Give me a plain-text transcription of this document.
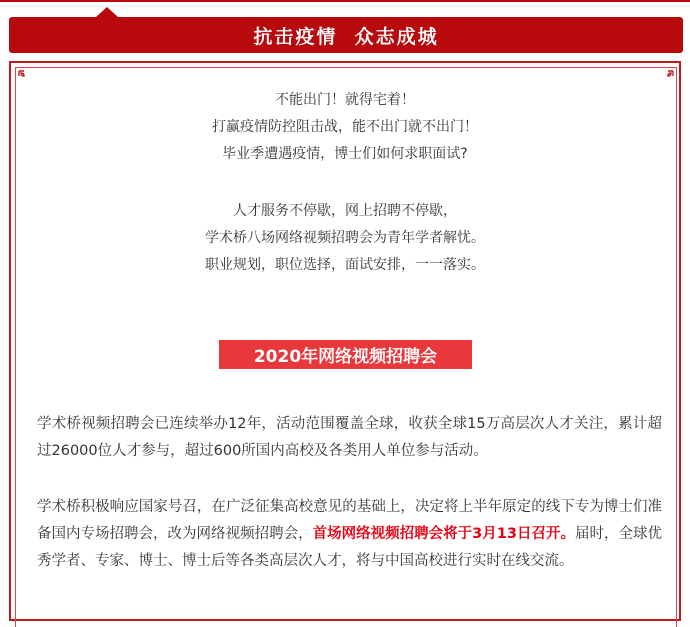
抗击疫情  众志成城
不能出门！就得宅着！
打赢疫情防控阻击战，能不出门就不出门！
毕业季遭遇疫情，博士们如何求职面试?
人才服务不停歇，网上招聘不停歇，
学术桥八场网络视频招聘会为青年学者解忧。
职业规划，职位选择，面试安排，一一落实。
2020年网络视频招聘会
学术桥视频招聘会已连续举办12年，活动范围覆盖全球，收获全球15万高层次人才关注，累计超过26000位人才参与，超过600所国内高校及各类用人单位参与活动。
学术桥积极响应国家号召，在广泛征集高校意见的基础上，决定将上半年原定的线下专为博士们准备国内专场招聘会，改为网络视频招聘会，首场网络视频招聘会将于3月13日召开。届时，全球优秀学者、专家、博士、博士后等各类高层次人才，将与中国高校进行实时在线交流。
